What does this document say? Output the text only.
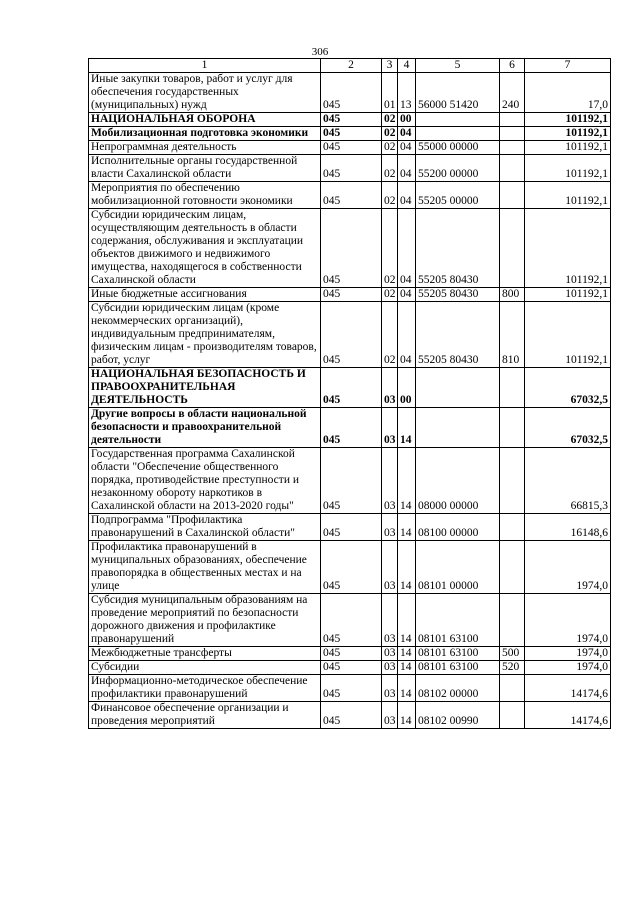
306
1	2	3	4	5	6	7
Иные закупки товаров, работ и услуг для обеспечения государственных (муниципальных) нужд	045	01	13	56000 51420	240	17,0
НАЦИОНАЛЬНАЯ ОБОРОНА	045	02	00			101192,1
Мобилизационная подготовка экономики	045	02	04			101192,1
Непрограммная деятельность	045	02	04	55000 00000		101192,1
Исполнительные органы государственной власти Сахалинской области	045	02	04	55200 00000		101192,1
Мероприятия по обеспечению мобилизационной готовности экономики	045	02	04	55205 00000		101192,1
Субсидии юридическим лицам, осуществляющим деятельность в области содержания, обслуживания и эксплуатации объектов движимого и недвижимого имущества, находящегося в собственности Сахалинской области	045	02	04	55205 80430		101192,1
Иные бюджетные ассигнования	045	02	04	55205 80430	800	101192,1
Субсидии юридическим лицам (кроме некоммерческих организаций), индивидуальным предпринимателям, физическим лицам - производителям товаров, работ, услуг	045	02	04	55205 80430	810	101192,1
НАЦИОНАЛЬНАЯ БЕЗОПАСНОСТЬ И ПРАВООХРАНИТЕЛЬНАЯ ДЕЯТЕЛЬНОСТЬ	045	03	00			67032,5
Другие вопросы в области национальной безопасности и правоохранительной деятельности	045	03	14			67032,5
Государственная программа Сахалинской области "Обеспечение общественного порядка, противодействие преступности и незаконному обороту наркотиков в Сахалинской области на 2013-2020 годы"	045	03	14	08000 00000		66815,3
Подпрограмма "Профилактика правонарушений в Сахалинской области"	045	03	14	08100 00000		16148,6
Профилактика правонарушений в муниципальных образованиях, обеспечение правопорядка в общественных местах и на улице	045	03	14	08101 00000		1974,0
Субсидия муниципальным образованиям на проведение мероприятий по безопасности дорожного движения и профилактике правонарушений	045	03	14	08101 63100		1974,0
Межбюджетные трансферты	045	03	14	08101 63100	500	1974,0
Субсидии	045	03	14	08101 63100	520	1974,0
Информационно-методическое обеспечение профилактики правонарушений	045	03	14	08102 00000		14174,6
Финансовое обеспечение организации и проведения мероприятий	045	03	14	08102 00990		14174,6
